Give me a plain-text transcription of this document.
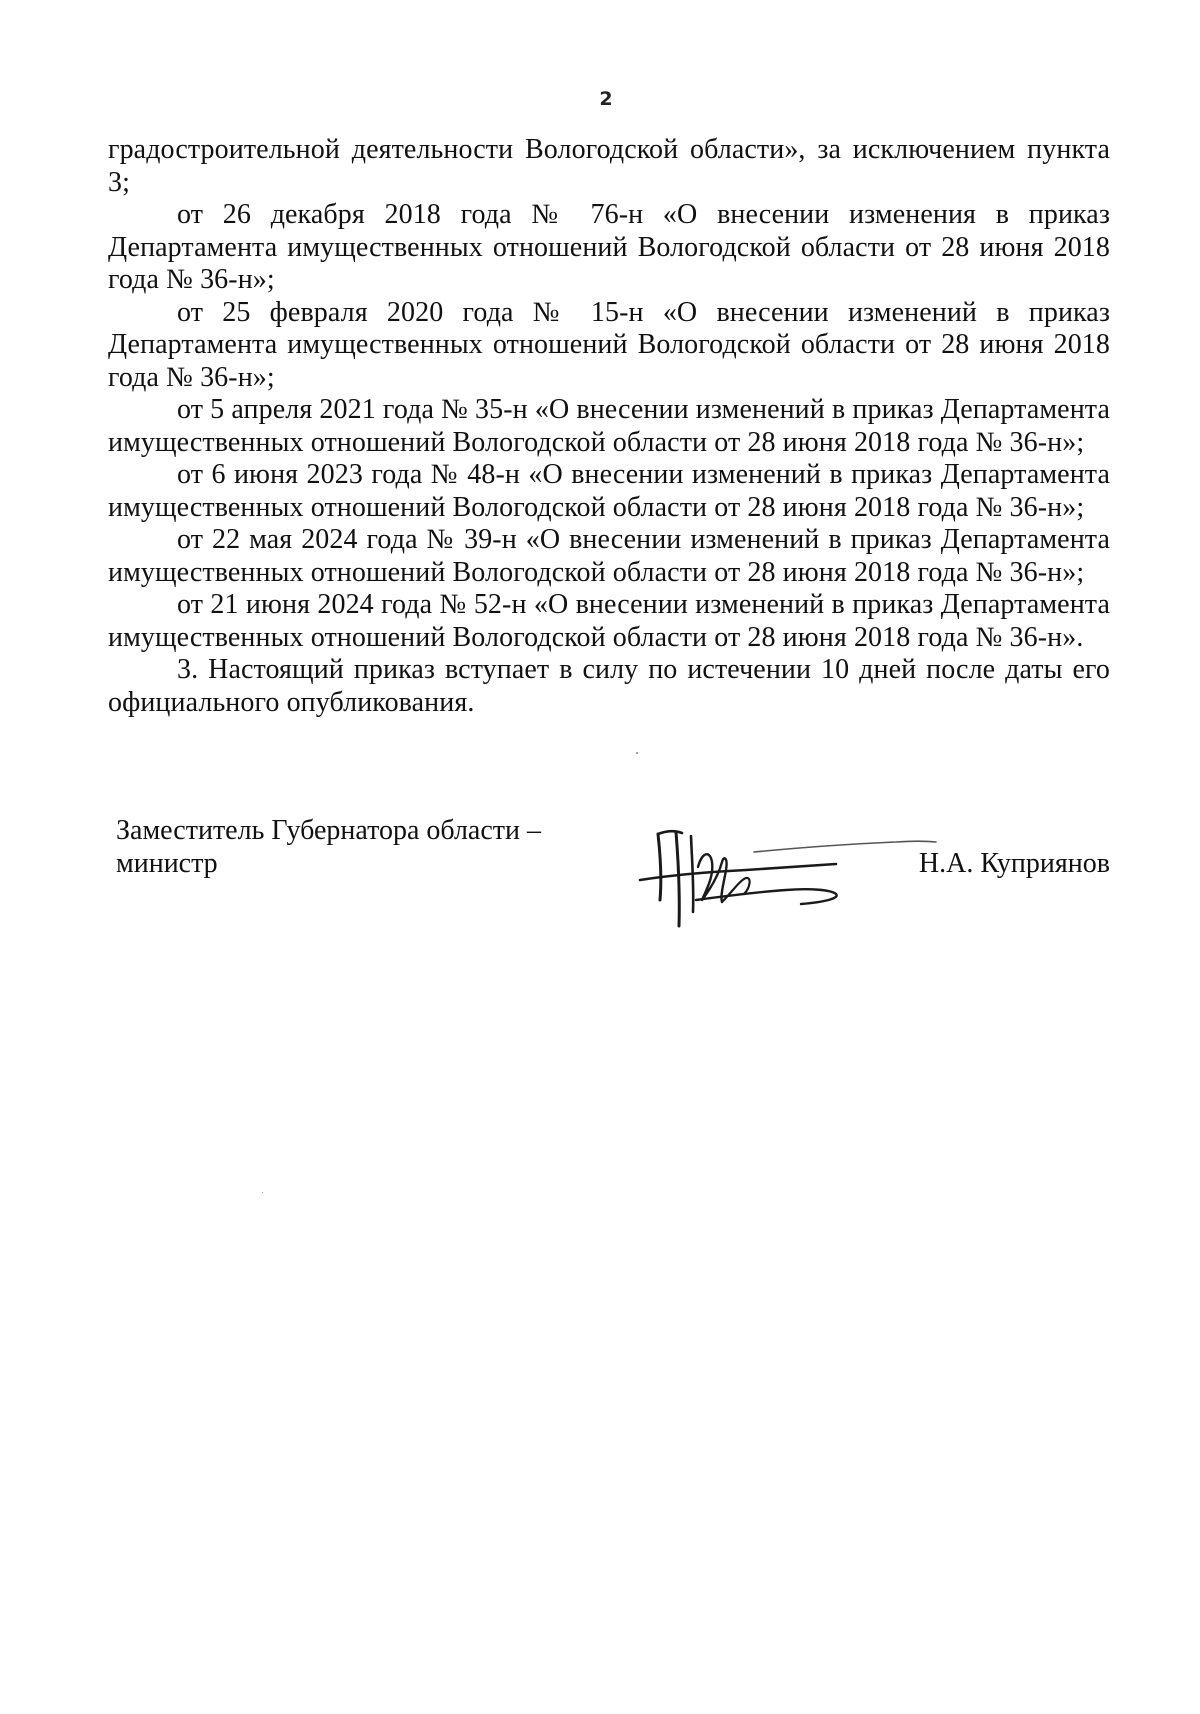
2

градостроительной деятельности Вологодской области», за исключением пункта 3;

от 26 декабря 2018 года № 76-н «О внесении изменения в приказ Департамента имущественных отношений Вологодской области от 28 июня 2018 года № 36-н»;

от 25 февраля 2020 года № 15-н «О внесении изменений в приказ Департамента имущественных отношений Вологодской области от 28 июня 2018 года № 36-н»;

от 5 апреля 2021 года № 35-н «О внесении изменений в приказ Департамента имущественных отношений Вологодской области от 28 июня 2018 года № 36-н»;

от 6 июня 2023 года № 48-н «О внесении изменений в приказ Департамента имущественных отношений Вологодской области от 28 июня 2018 года № 36-н»;

от 22 мая 2024 года № 39-н «О внесении изменений в приказ Департамента имущественных отношений Вологодской области от 28 июня 2018 года № 36-н»;

от 21 июня 2024 года № 52-н «О внесении изменений в приказ Департамента имущественных отношений Вологодской области от 28 июня 2018 года № 36-н».

3. Настоящий приказ вступает в силу по истечении 10 дней после даты его официального опубликования.

Заместитель Губернатора области –
министр	Н.А. Куприянов
